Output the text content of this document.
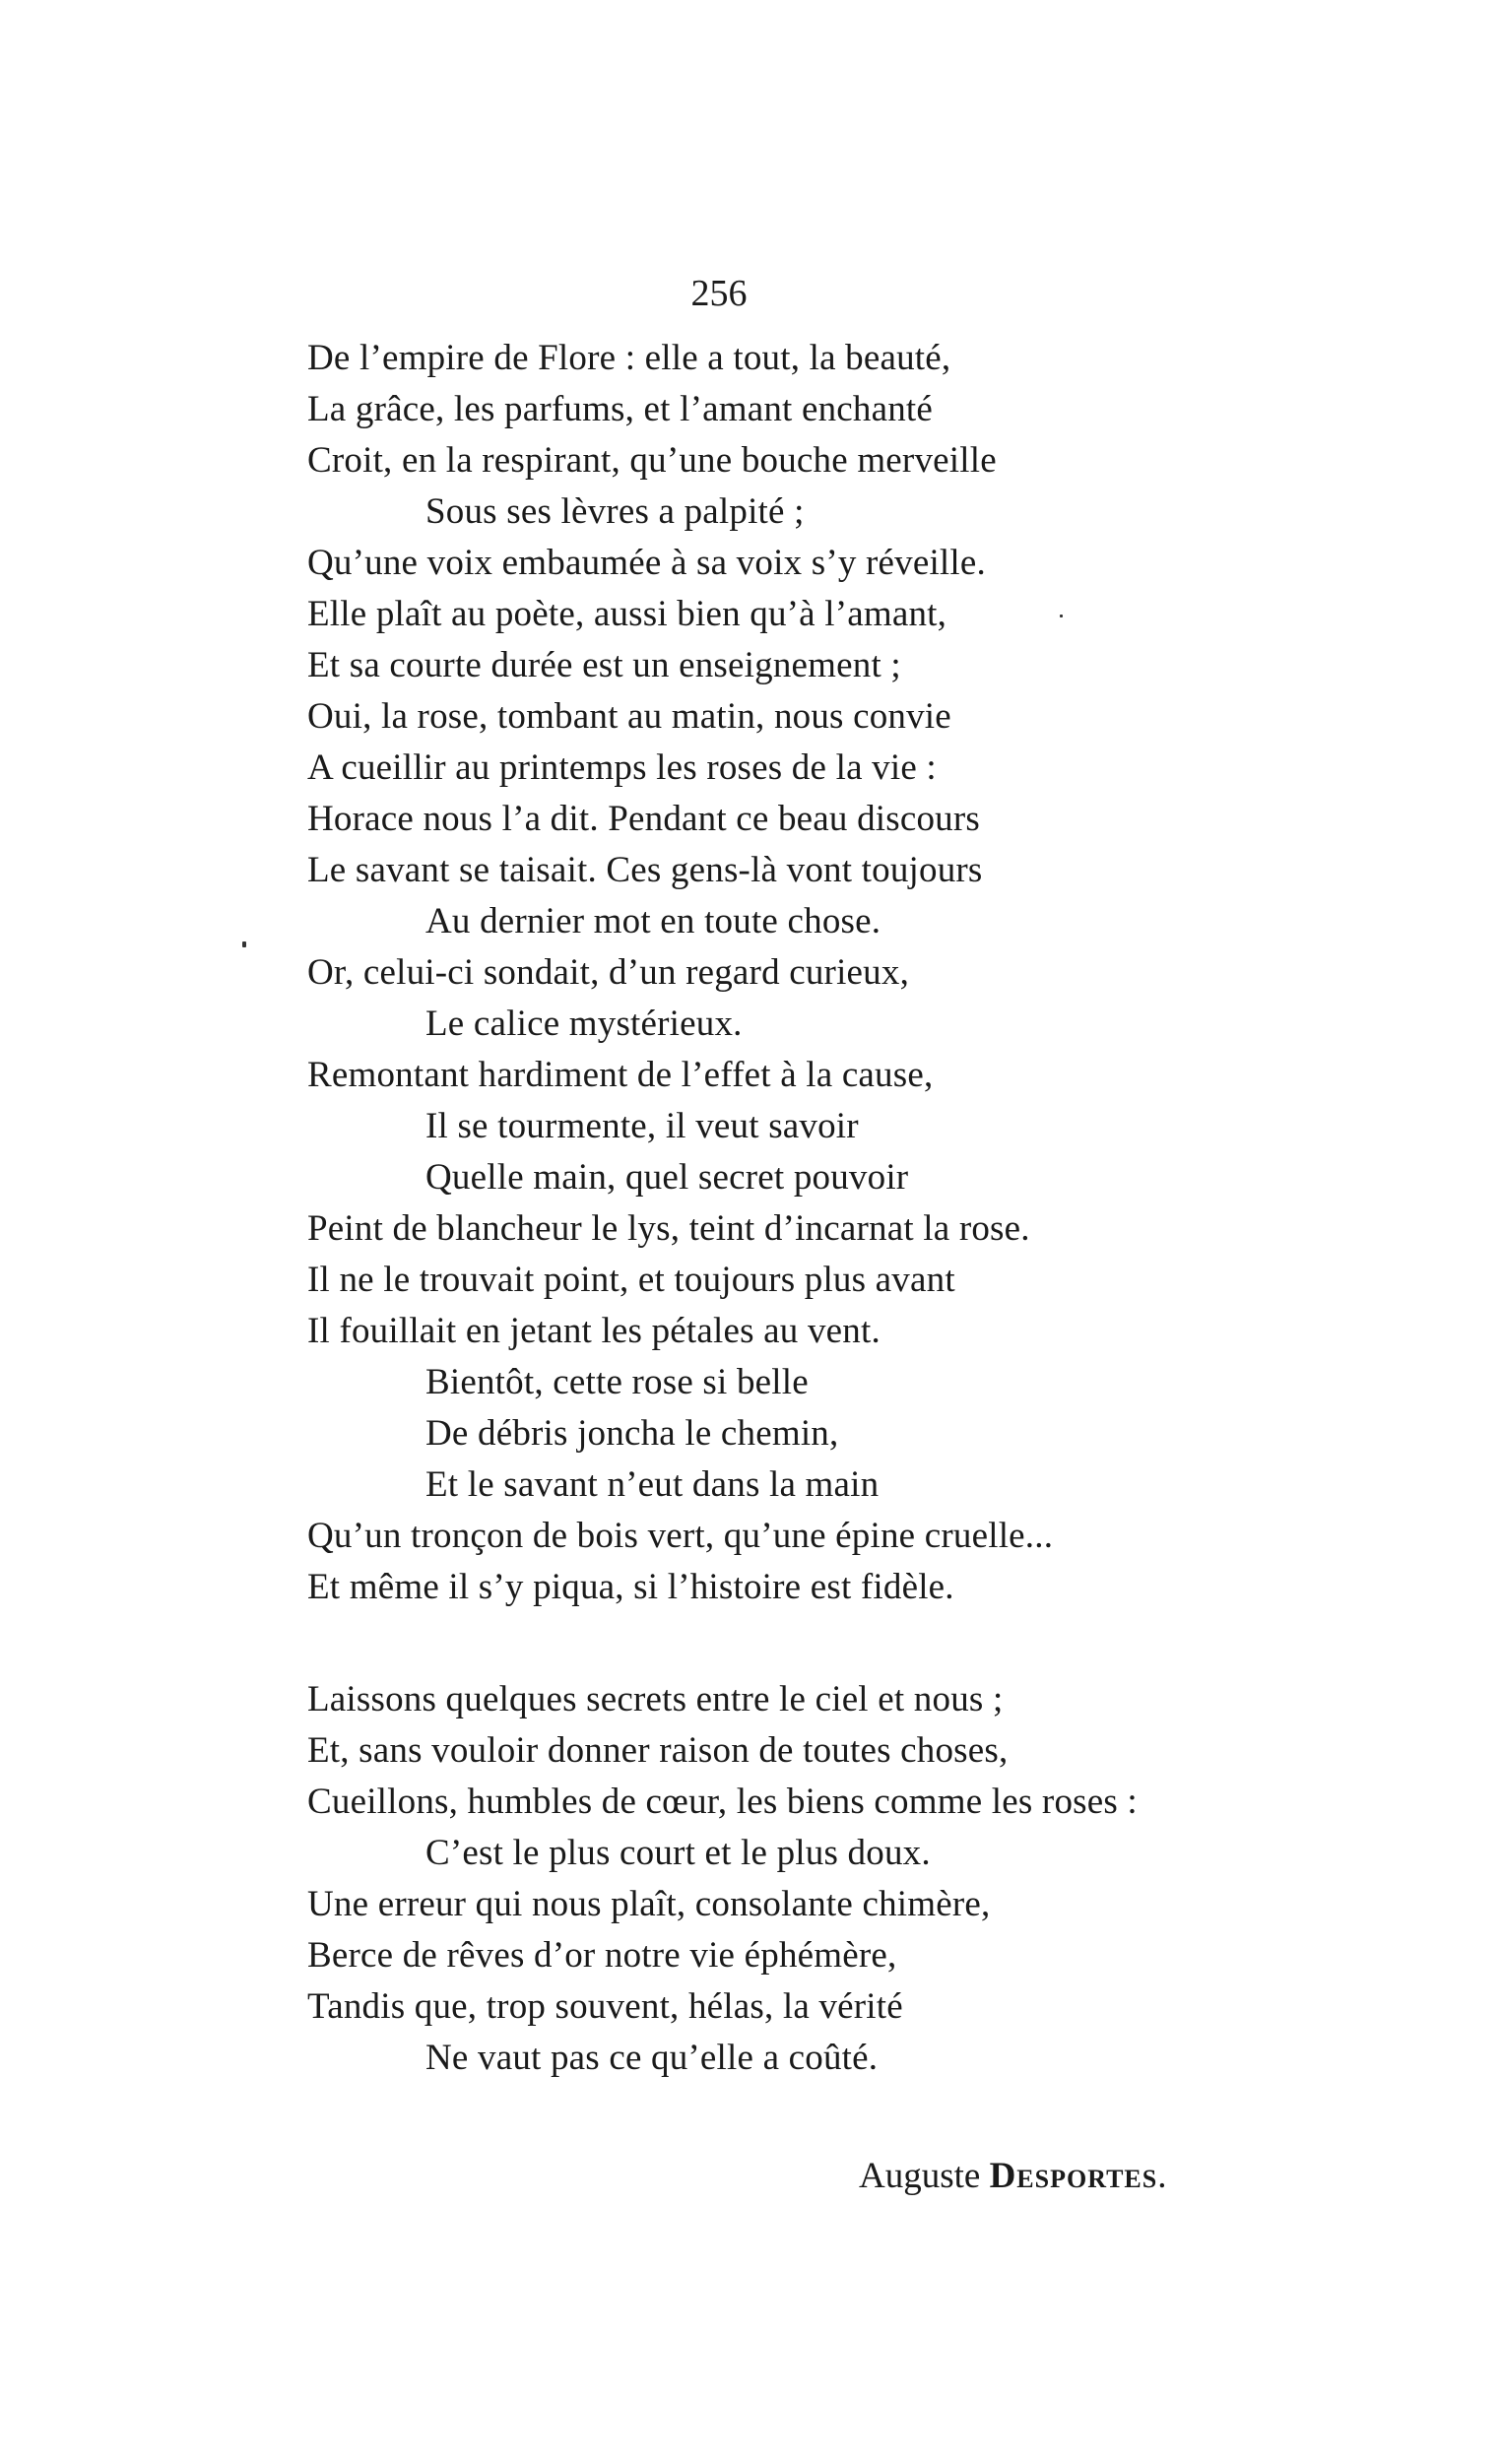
256
De l’empire de Flore : elle a tout, la beauté,
La grâce, les parfums, et l’amant enchanté
Croit, en la respirant, qu’une bouche merveille
Sous ses lèvres a palpité ;
Qu’une voix embaumée à sa voix s’y réveille.
Elle plaît au poète, aussi bien qu’à l’amant,
Et sa courte durée est un enseignement ;
Oui, la rose, tombant au matin, nous convie
A cueillir au printemps les roses de la vie :
Horace nous l’a dit. Pendant ce beau discours
Le savant se taisait. Ces gens-là vont toujours
Au dernier mot en toute chose.
Or, celui-ci sondait, d’un regard curieux,
Le calice mystérieux.
Remontant hardiment de l’effet à la cause,
Il se tourmente, il veut savoir
Quelle main, quel secret pouvoir
Peint de blancheur le lys, teint d’incarnat la rose.
Il ne le trouvait point, et toujours plus avant
Il fouillait en jetant les pétales au vent.
Bientôt, cette rose si belle
De débris joncha le chemin,
Et le savant n’eut dans la main
Qu’un tronçon de bois vert, qu’une épine cruelle...
Et même il s’y piqua, si l’histoire est fidèle.
Laissons quelques secrets entre le ciel et nous ;
Et, sans vouloir donner raison de toutes choses,
Cueillons, humbles de cœur, les biens comme les roses :
C’est le plus court et le plus doux.
Une erreur qui nous plaît, consolante chimère,
Berce de rêves d’or notre vie éphémère,
Tandis que, trop souvent, hélas, la vérité
Ne vaut pas ce qu’elle a coûté.
Auguste Desportes.
